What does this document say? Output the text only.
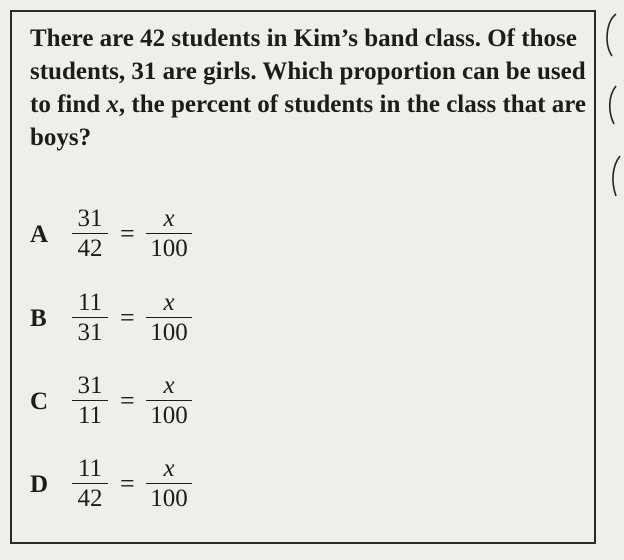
There are 42 students in Kim’s band class. Of those students, 31 are girls. Which proportion can be used to find x, the percent of students in the class that are boys?

A
31
42
=
x
100
B
11
31
=
x
100
C
31
11
=
x
100
D
11
42
=
x
100
